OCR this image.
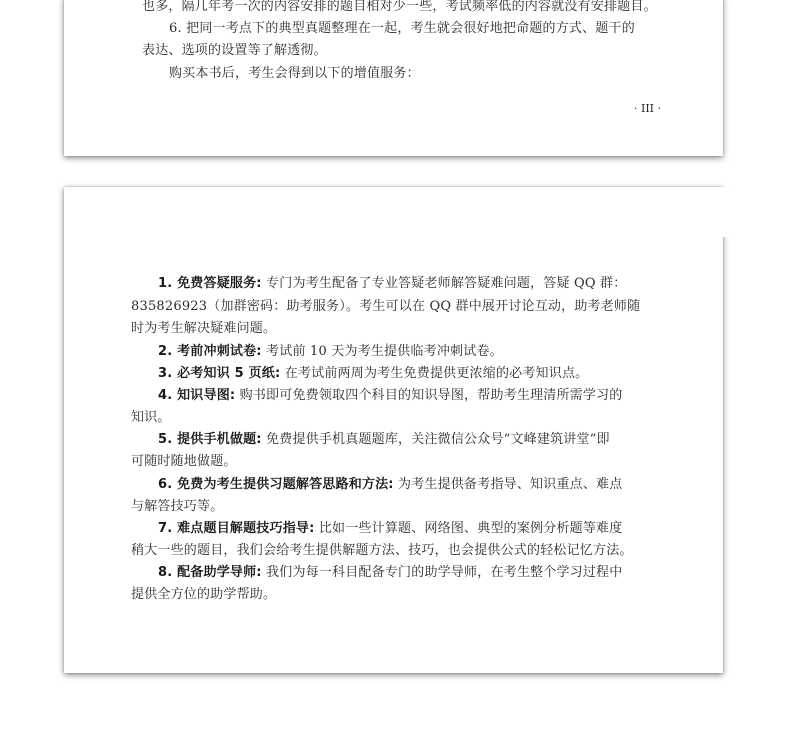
也多，隔几年考一次的内容安排的题目相对少一些，考试频率低的内容就没有安排题目。
6. 把同一考点下的典型真题整理在一起，考生就会很好地把命题的方式、题干的
表达、选项的设置等了解透彻。
购买本书后，考生会得到以下的增值服务：
· III ·
1. 免费答疑服务: 专门为考生配备了专业答疑老师解答疑难问题，答疑 QQ 群：
835826923（加群密码：助考服务）。考生可以在 QQ 群中展开讨论互动，助考老师随
时为考生解决疑难问题。
2. 考前冲刺试卷: 考试前 10 天为考生提供临考冲刺试卷。
3. 必考知识 5 页纸: 在考试前两周为考生免费提供更浓缩的必考知识点。
4. 知识导图: 购书即可免费领取四个科目的知识导图，帮助考生理清所需学习的
知识。
5. 提供手机做题: 免费提供手机真题题库，关注微信公众号“文峰建筑讲堂”即
可随时随地做题。
6. 免费为考生提供习题解答思路和方法: 为考生提供备考指导、知识重点、难点
与解答技巧等。
7. 难点题目解题技巧指导: 比如一些计算题、网络图、典型的案例分析题等难度
稍大一些的题目，我们会给考生提供解题方法、技巧，也会提供公式的轻松记忆方法。
8. 配备助学导师: 我们为每一科目配备专门的助学导师，在考生整个学习过程中
提供全方位的助学帮助。
